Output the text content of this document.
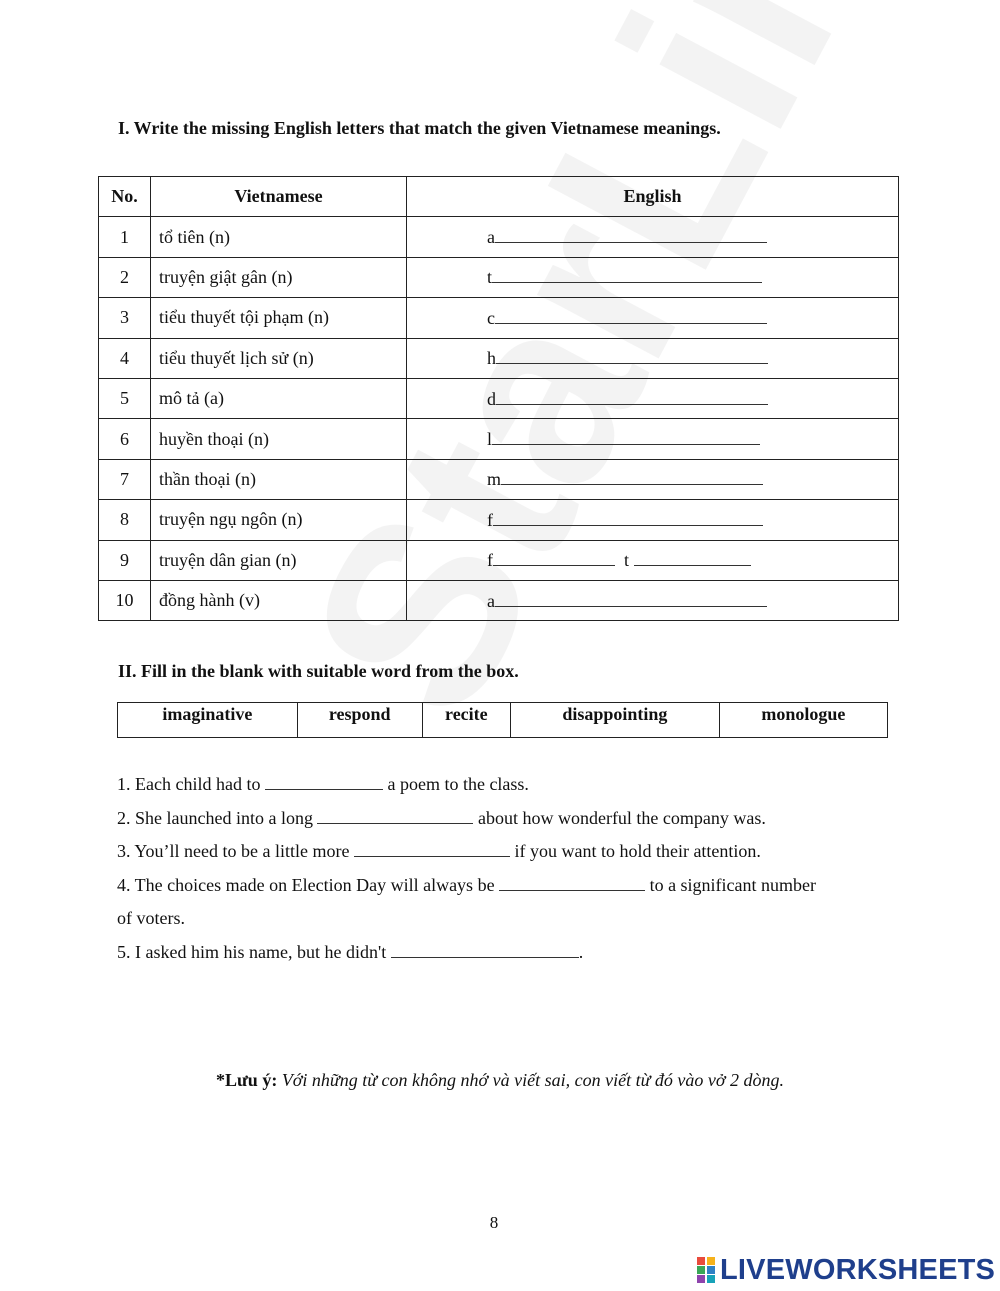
I. Write the missing English letters that match the given Vietnamese meanings.
No.	Vietnamese	English
1	tổ tiên (n)	a
2	truyện giật gân (n)	t
3	tiểu thuyết tội phạm (n)	c
4	tiểu thuyết lịch sử (n)	h
5	mô tả (a)	d
6	huyền thoại (n)	l
7	thần thoại (n)	m
8	truyện ngụ ngôn (n)	f
9	truyện dân gian (n)	f t
10	đồng hành (v)	a
II. Fill in the blank with suitable word from the box.
imaginative	respond	recite	disappointing	monologue

1. Each child had to	a poem to the class.

2. She launched into a long	about how wonderful the company was.

3. You’ll need to be a little more	if you want to hold their attention.

4. The choices made on Election Day will always be	to a significant number

of voters.

5. I asked him his name, but he didn't	.

*Lưu ý: Với những từ con không nhớ và viết sai, con viết từ đó vào vở 2 dòng.
8
LIVEWORKSHEETS
